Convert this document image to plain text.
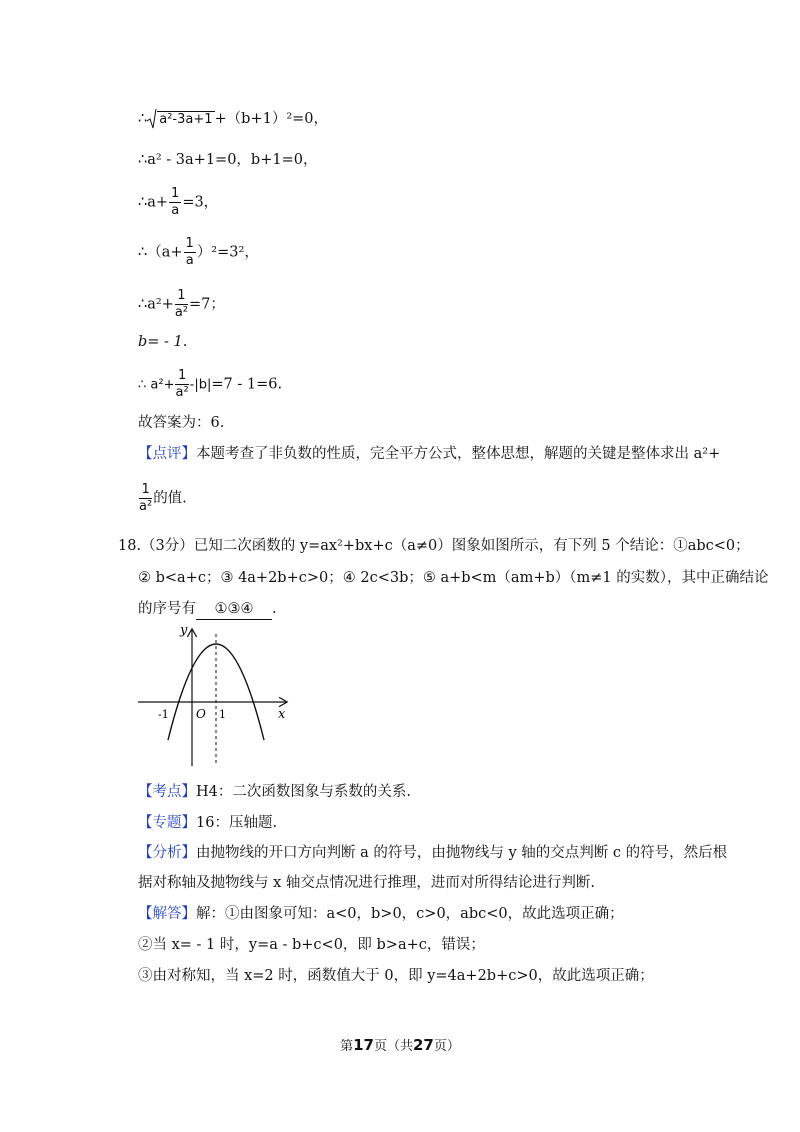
∴ a²-3a+1 +（b+1）²=0，
∴a² - 3a+1=0，b+1=0，
∴a+ $\frac{1}{a} =3$，
∴（a+ $\frac{1}{a} )^2=3^2$，
∴a²+ $\frac{1}{\text{a²}} =7$；
b= - 1.
∴ $a^2+ \frac{1}{\text{a²}} -|b|=7 - 1=6$.
故答案为：6.
【点评】本题考查了非负数的性质，完全平方公式，整体思想，解题的关键是整体求出 a²+
$\frac{1}{\text{a²}}$ 的值.
18.（3分）已知二次函数的 y=ax²+bx+c（a≠0）图象如图所示，有下列 5 个结论：①abc<0；
② b<a+c；③ 4a+2b+c>0；④ 2c<3b；⑤ a+b<m（am+b）（m≠1 的实数），其中正确结论
的序号有 ①③④ .
y
x
O
-1	1
【考点】H4：二次函数图象与系数的关系.
【专题】16：压轴题.
【分析】由抛物线的开口方向判断 a 的符号，由抛物线与 y 轴的交点判断 c 的符号，然后根
据对称轴及抛物线与 x 轴交点情况进行推理，进而对所得结论进行判断.
【解答】解：①由图象可知：a<0，b>0，c>0，abc<0，故此选项正确；
②当 x= - 1 时，y=a - b+c<0，即 b>a+c，错误；
③由对称知，当 x=2 时，函数值大于 0，即 y=4a+2b+c>0，故此选项正确；
第17页（共27页）
